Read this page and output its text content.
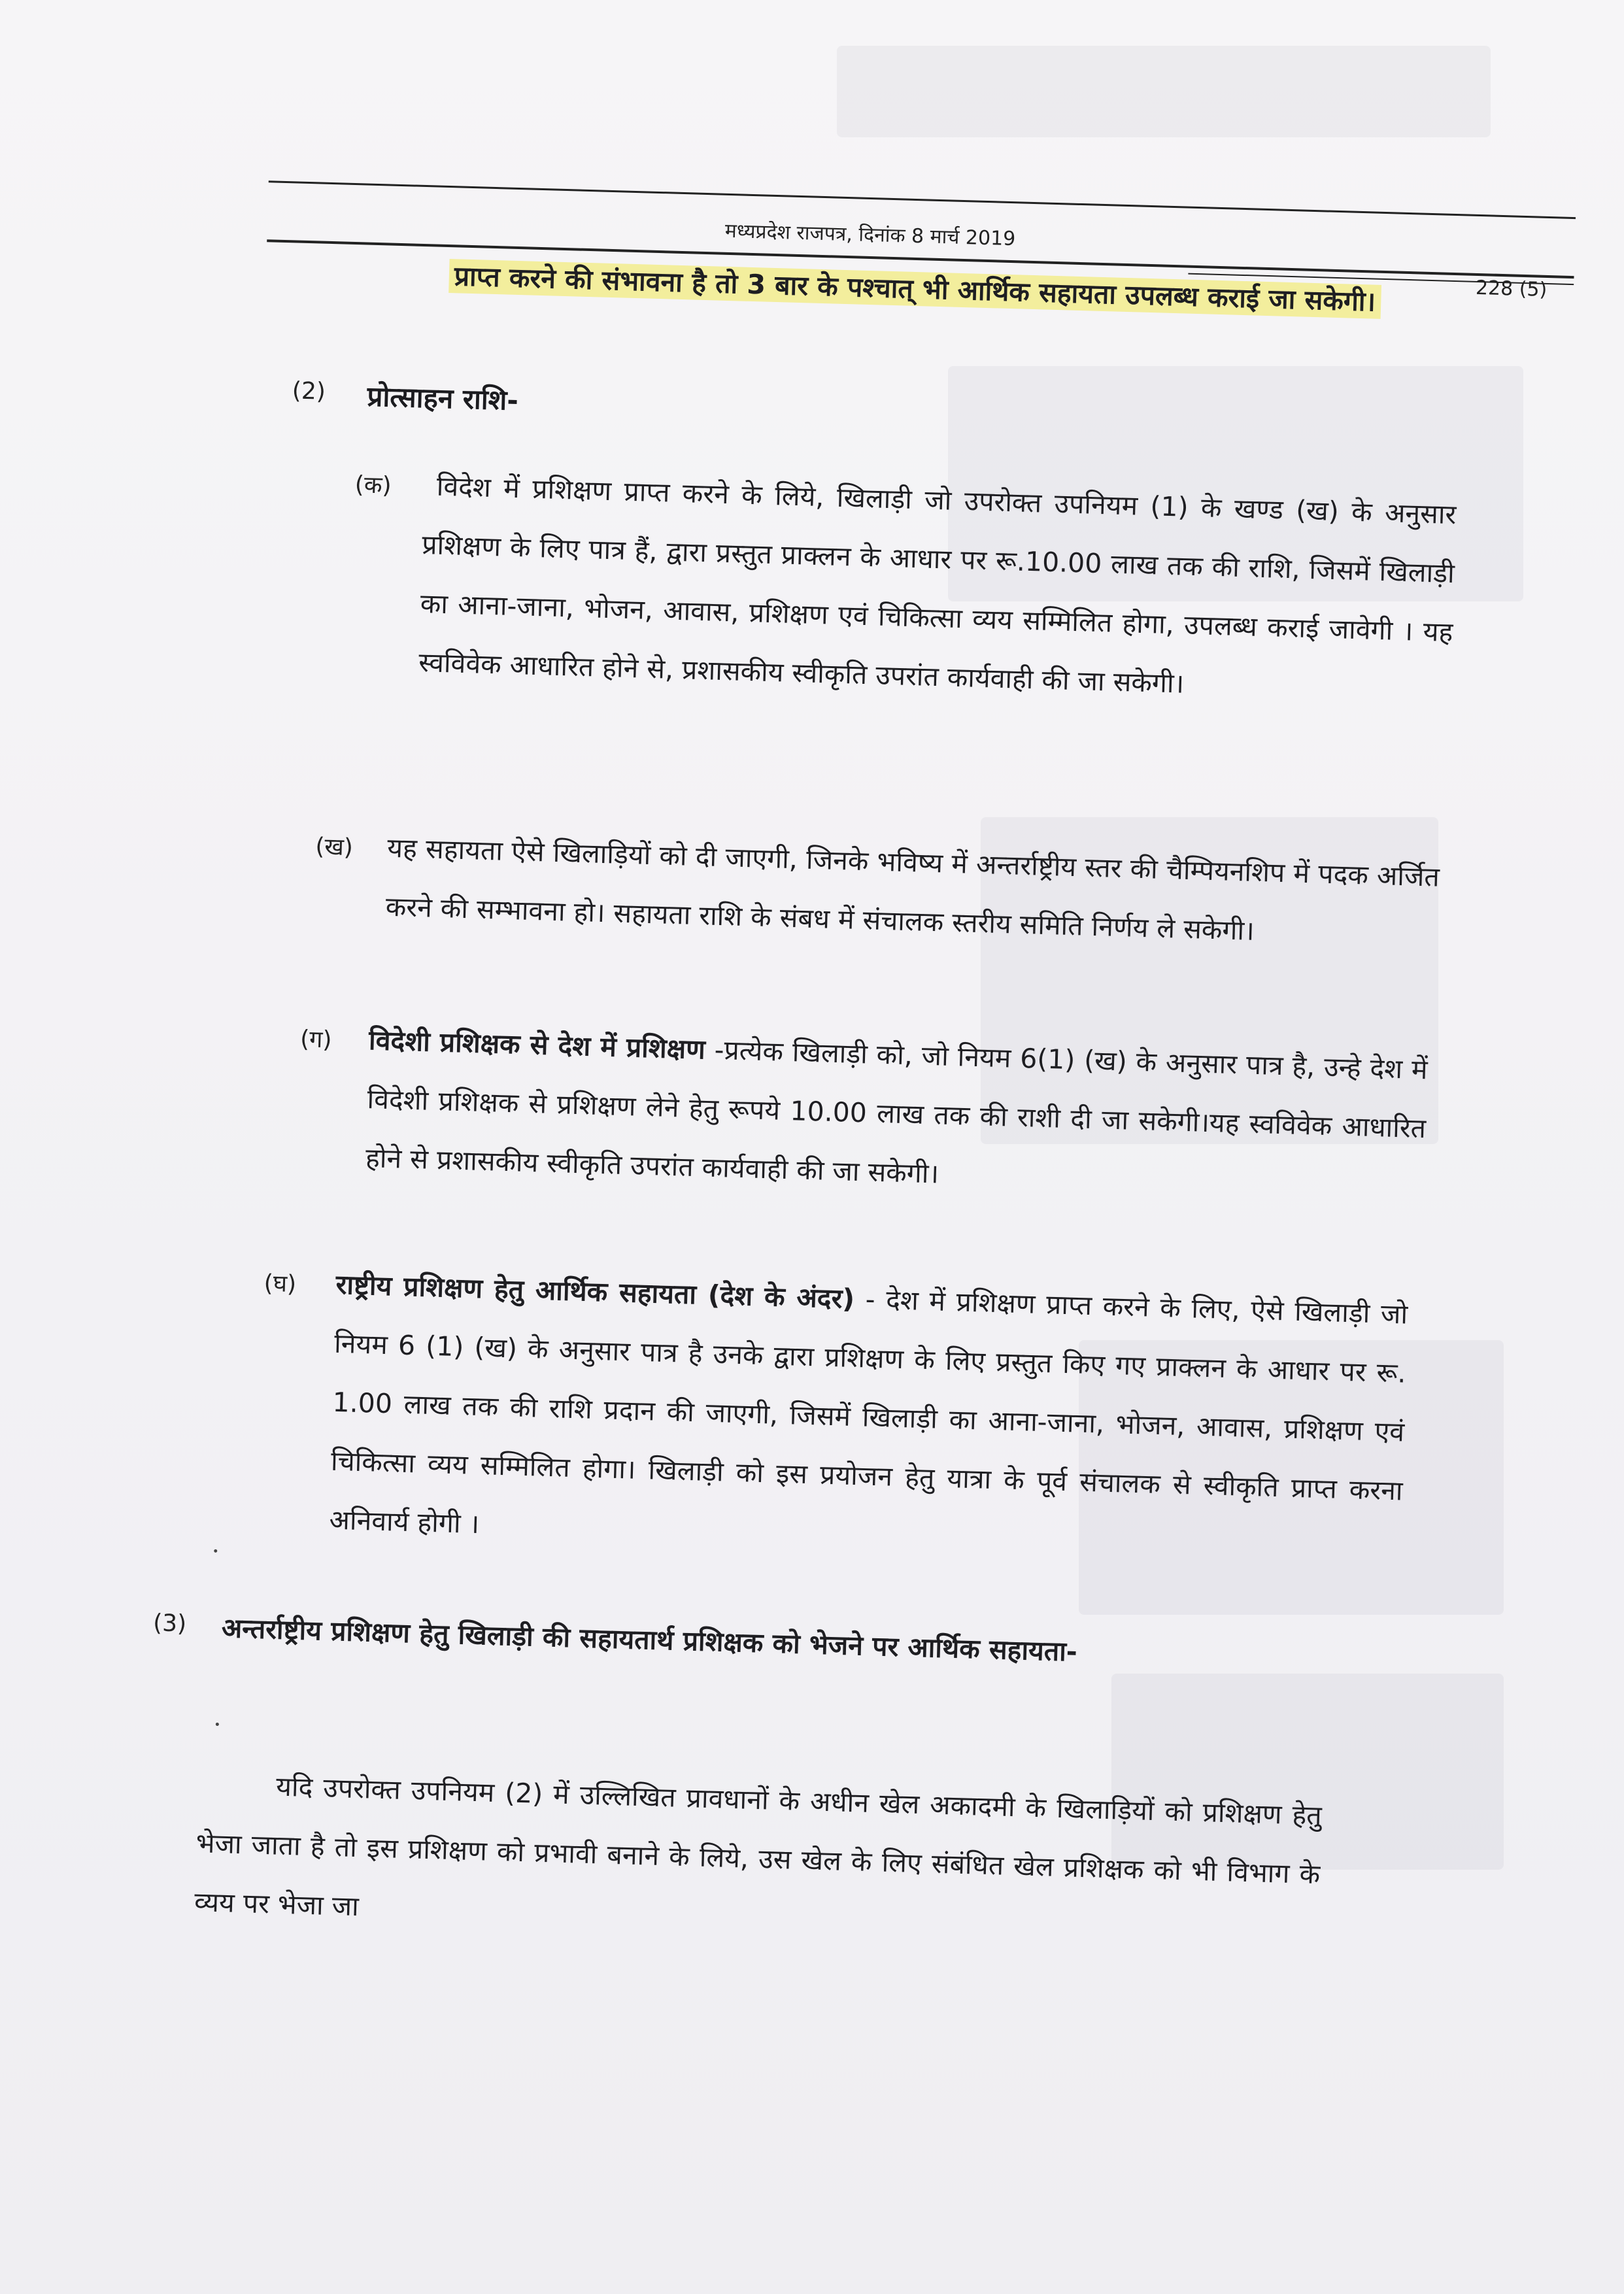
मध्यप्रदेश राजपत्र, दिनांक 8 मार्च 2019
228 (5)

प्राप्त करने की संभावना है तो 3 बार के पश्चात् भी आर्थिक सहायता उपलब्ध कराई जा सकेगी।

(2) प्रोत्साहन राशि-
(क)	विदेश में प्रशिक्षण प्राप्त करने के लिये, खिलाड़ी जो उपरोक्त उपनियम (1) के खण्ड (ख) के अनुसार प्रशिक्षण के लिए पात्र हैं, द्वारा प्रस्तुत प्राक्लन के आधार पर रू.10.00 लाख तक की राशि, जिसमें खिलाड़ी का आना-जाना, भोजन, आवास, प्रशिक्षण एवं चिकित्सा व्यय सम्मिलित होगा, उपलब्ध कराई जावेगी । यह स्वविवेक आधारित होने से, प्रशासकीय स्वीकृति उपरांत कार्यवाही की जा सकेगी।

(ख) यह सहायता ऐसे खिलाड़ियों को दी जाएगी, जिनके भविष्य में अन्तर्राष्ट्रीय स्तर की चैम्पियनशिप में पदक अर्जित करने की सम्भावना हो। सहायता राशि के संबध में संचालक स्तरीय समिति निर्णय ले सकेगी।

(ग) विदेशी प्रशिक्षक से देश में प्रशिक्षण -प्रत्येक खिलाड़ी को, जो नियम 6(1) (ख) के अनुसार पात्र है, उन्हे देश में विदेशी प्रशिक्षक से प्रशिक्षण लेने हेतु रूपये 10.00 लाख तक की राशी दी जा सकेगी।यह स्वविवेक आधारित होने से प्रशासकीय स्वीकृति उपरांत कार्यवाही की जा सकेगी।

(घ) राष्ट्रीय प्रशिक्षण हेतु आर्थिक सहायता (देश के अंदर) - देश में प्रशिक्षण प्राप्त करने के लिए, ऐसे खिलाड़ी जो नियम 6 (1) (ख) के अनुसार पात्र है उनके द्वारा प्रशिक्षण के लिए प्रस्तुत किए गए प्राक्लन के आधार पर रू. 1.00 लाख तक की राशि प्रदान की जाएगी, जिसमें खिलाड़ी का आना-जाना, भोजन, आवास, प्रशिक्षण एवं चिकित्सा व्यय सम्मिलित होगा। खिलाड़ी को इस प्रयोजन हेतु यात्रा के पूर्व संचालक से स्वीकृति प्राप्त करना अनिवार्य होगी ।

(3) अन्तर्राष्ट्रीय प्रशिक्षण हेतु खिलाड़ी की सहायतार्थ प्रशिक्षक को भेजने पर आर्थिक सहायता-

यदि उपरोक्त उपनियम (2) में उल्लिखित प्रावधानों के अधीन खेल अकादमी के खिलाड़ियों को प्रशिक्षण हेतु भेजा जाता है तो इस प्रशिक्षण को प्रभावी बनाने के लिये, उस खेल के लिए संबंधित खेल प्रशिक्षक को भी विभाग के व्यय पर भेजा जा
